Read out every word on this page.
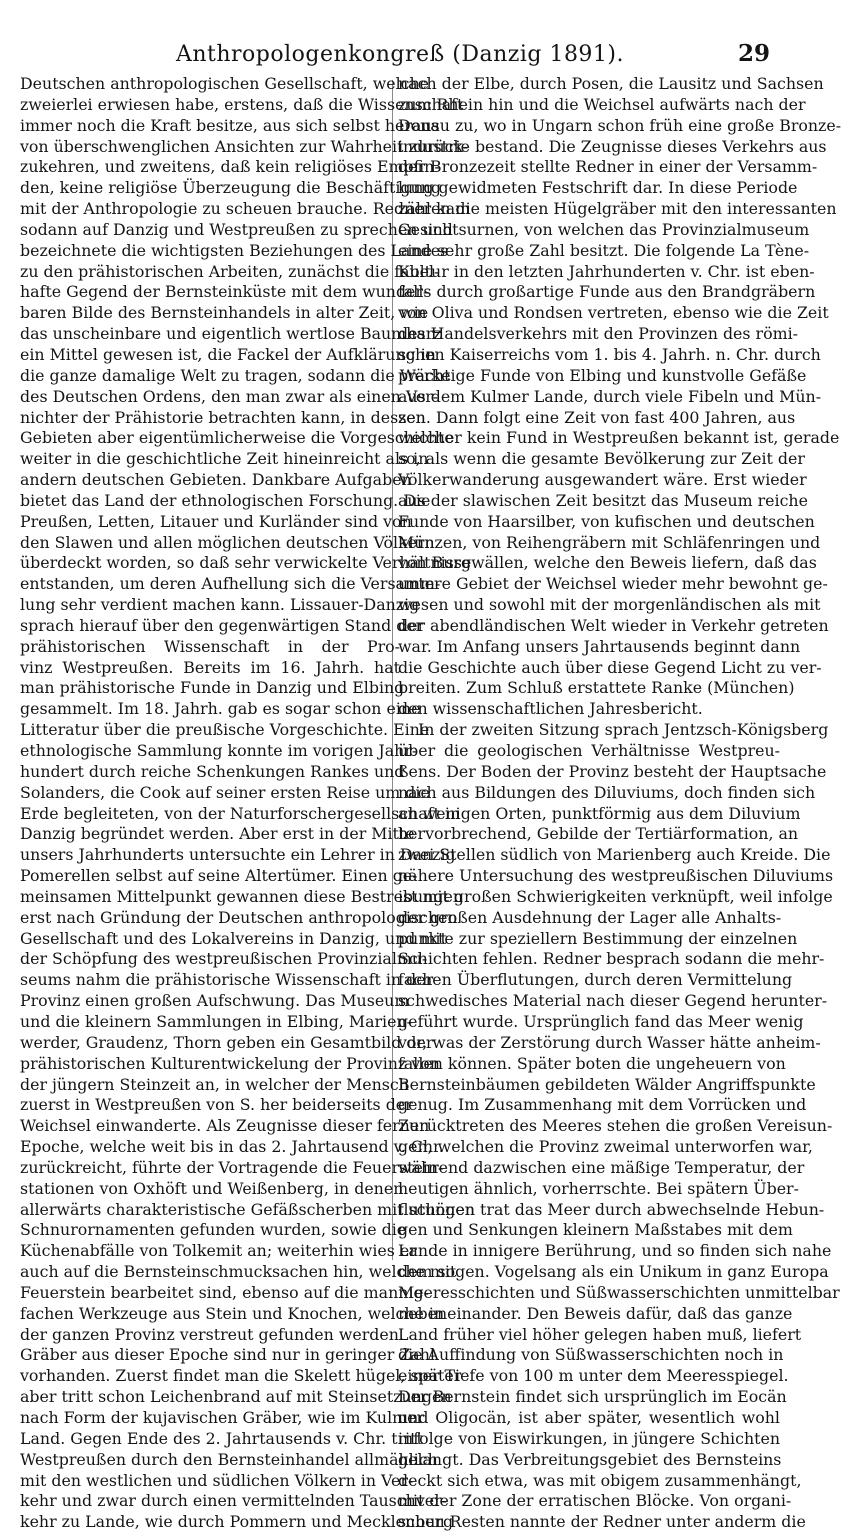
Anthropologenkongreß (Danzig 1891).	29
Deutschen anthropologischen Gesellschaft, welche
zweierlei erwiesen habe, erstens, daß die Wissenschaft
immer noch die Kraft besitze, aus sich selbst heraus
von überschwenglichen Ansichten zur Wahrheit zurück-
zukehren, und zweitens, daß kein religiöses Empfin-
den, keine religiöse Überzeugung die Beschäftigung
mit der Anthropologie zu scheuen brauche. Redner kam
sodann auf Danzig und Westpreußen zu sprechen und
bezeichnete die wichtigsten Beziehungen des Landes
zu den prähistorischen Arbeiten, zunächst die fabel-
hafte Gegend der Bernsteinküste mit dem wunder-
baren Bilde des Bernsteinhandels in alter Zeit, wie
das unscheinbare und eigentlich wertlose Baumharz
ein Mittel gewesen ist, die Fackel der Aufklärung in
die ganze damalige Welt zu tragen, sodann die Werke
des Deutschen Ordens, den man zwar als einen Ver-
nichter der Prähistorie betrachten kann, in dessen
Gebieten aber eigentümlicherweise die Vorgeschichte
weiter in die geschichtliche Zeit hineinreicht als in
andern deutschen Gebieten. Dankbare Aufgaben
bietet das Land der ethnologischen Forschung. Die
Preußen, Letten, Litauer und Kurländer sind von
den Slawen und allen möglichen deutschen Völkern
überdeckt worden, so daß sehr verwickelte Verhältnisse
entstanden, um deren Aufhellung sich die Versamm-
lung sehr verdient machen kann. Lissauer-Danzig
sprach hierauf über den gegenwärtigen Stand der
prähistorischen Wissenschaft in der Pro-
vinz Westpreußen. Bereits im 16. Jahrh. hat
man prähistorische Funde in Danzig und Elbing
gesammelt. Im 18. Jahrh. gab es sogar schon eine
Litteratur über die preußische Vorgeschichte. Eine
ethnologische Sammlung konnte im vorigen Jahr-
hundert durch reiche Schenkungen Rankes und
Solanders, die Cook auf seiner ersten Reise um die
Erde begleiteten, von der Naturforschergesellschaft in
Danzig begründet werden. Aber erst in der Mitte
unsers Jahrhunderts untersuchte ein Lehrer in Danzig
Pomerellen selbst auf seine Altertümer. Einen ge-
meinsamen Mittelpunkt gewannen diese Bestrebungen
erst nach Gründung der Deutschen anthropologischen
Gesellschaft und des Lokalvereins in Danzig, und mit
der Schöpfung des westpreußischen Provinzialmu-
seums nahm die prähistorische Wissenschaft in der
Provinz einen großen Aufschwung. Das Museum
und die kleinern Sammlungen in Elbing, Marien-
werder, Graudenz, Thorn geben ein Gesamtbild der
prähistorischen Kulturentwickelung der Provinz von
der jüngern Steinzeit an, in welcher der Mensch
zuerst in Westpreußen von S. her beiderseits der
Weichsel einwanderte. Als Zeugnisse dieser fernen
Epoche, welche weit bis in das 2. Jahrtausend v. Chr.
zurückreicht, führte der Vortragende die Feuerstein-
stationen von Oxhöft und Weißenberg, in denen
allerwärts charakteristische Gefäßscherben mit schönen
Schnurornamenten gefunden wurden, sowie die
Küchenabfälle von Tolkemit an; weiterhin wies er
auch auf die Bernsteinschmucksachen hin, welche mit
Feuerstein bearbeitet sind, ebenso auf die mannig-
fachen Werkzeuge aus Stein und Knochen, welche in
der ganzen Provinz verstreut gefunden werden.
Gräber aus dieser Epoche sind nur in geringer Zahl
vorhanden. Zuerst findet man die Skelett hügel, später
aber tritt schon Leichenbrand auf mit Steinsetzungen
nach Form der kujavischen Gräber, wie im Kulmer
Land. Gegen Ende des 2. Jahrtausends v. Chr. tritt
Westpreußen durch den Bernsteinhandel allmählich
mit den westlichen und südlichen Völkern in Ver-
kehr und zwar durch einen vermittelnden Tauschver-
kehr zu Lande, wie durch Pommern und Mecklenburg
nach der Elbe, durch Posen, die Lausitz und Sachsen
zum Rhein hin und die Weichsel aufwärts nach der
Donau zu, wo in Ungarn schon früh eine große Bronze-
industrie bestand. Die Zeugnisse dieses Verkehrs aus
der Bronzezeit stellte Redner in einer der Versamm-
lung gewidmeten Festschrift dar. In diese Periode
zählen die meisten Hügelgräber mit den interessanten
Gesichtsurnen, von welchen das Provinzialmuseum
eine sehr große Zahl besitzt. Die folgende La Tène-
Kultur in den letzten Jahrhunderten v. Chr. ist eben-
falls durch großartige Funde aus den Brandgräbern
von Oliva und Rondsen vertreten, ebenso wie die Zeit
des Handelsverkehrs mit den Provinzen des römi-
schen Kaiserreichs vom 1. bis 4. Jahrh. n. Chr. durch
prächtige Funde von Elbing und kunstvolle Gefäße
aus dem Kulmer Lande, durch viele Fibeln und Mün-
zen. Dann folgt eine Zeit von fast 400 Jahren, aus
welcher kein Fund in Westpreußen bekannt ist, gerade
so, als wenn die gesamte Bevölkerung zur Zeit der
Völkerwanderung ausgewandert wäre. Erst wieder
aus der slawischen Zeit besitzt das Museum reiche
Funde von Haarsilber, von kufischen und deutschen
Münzen, von Reihengräbern mit Schläfenringen und
von Burgwällen, welche den Beweis liefern, daß das
untere Gebiet der Weichsel wieder mehr bewohnt ge-
wesen und sowohl mit der morgenländischen als mit
der abendländischen Welt wieder in Verkehr getreten
war. Im Anfang unsers Jahrtausends beginnt dann
die Geschichte auch über diese Gegend Licht zu ver-
breiten. Zum Schluß erstattete Ranke (München)
den wissenschaftlichen Jahresbericht.
In der zweiten Sitzung sprach Jentzsch-Königsberg
über die geologischen Verhältnisse Westpreu-
ßens. Der Boden der Provinz besteht der Hauptsache
nach aus Bildungen des Diluviums, doch finden sich
an wenigen Orten, punktförmig aus dem Diluvium
hervorbrechend, Gebilde der Tertiärformation, an
zwei Stellen südlich von Marienberg auch Kreide. Die
nähere Untersuchung des westpreußischen Diluviums
ist mit großen Schwierigkeiten verknüpft, weil infolge
der großen Ausdehnung der Lager alle Anhalts-
punkte zur speziellern Bestimmung der einzelnen
Schichten fehlen. Redner besprach sodann die mehr-
fachen Überflutungen, durch deren Vermittelung
schwedisches Material nach dieser Gegend herunter-
geführt wurde. Ursprünglich fand das Meer wenig
vor, was der Zerstörung durch Wasser hätte anheim-
fallen können. Später boten die ungeheuern von
Bernsteinbäumen gebildeten Wälder Angriffspunkte
genug. Im Zusammenhang mit dem Vorrücken und
Zurücktreten des Meeres stehen die großen Vereisun-
gen, welchen die Provinz zweimal unterworfen war,
während dazwischen eine mäßige Temperatur, der
heutigen ähnlich, vorherrschte. Bei spätern Über-
flutungen trat das Meer durch abwechselnde Hebun-
gen und Senkungen kleinern Maßstabes mit dem
Lande in innigere Berührung, und so finden sich nahe
dem sogen. Vogelsang als ein Unikum in ganz Europa
Meeresschichten und Süßwasserschichten unmittelbar
nebeneinander. Den Beweis dafür, daß das ganze
Land früher viel höher gelegen haben muß, liefert
die Auffindung von Süßwasserschichten noch in
einer Tiefe von 100 m unter dem Meeresspiegel.
Der Bernstein findet sich ursprünglich im Eocän
und Oligocän, ist aber später, wesentlich wohl
infolge von Eiswirkungen, in jüngere Schichten
gelangt. Das Verbreitungsgebiet des Bernsteins
deckt sich etwa, was mit obigem zusammenhängt,
mit der Zone der erratischen Blöcke. Von organi-
schen Resten nannte der Redner unter anderm die
